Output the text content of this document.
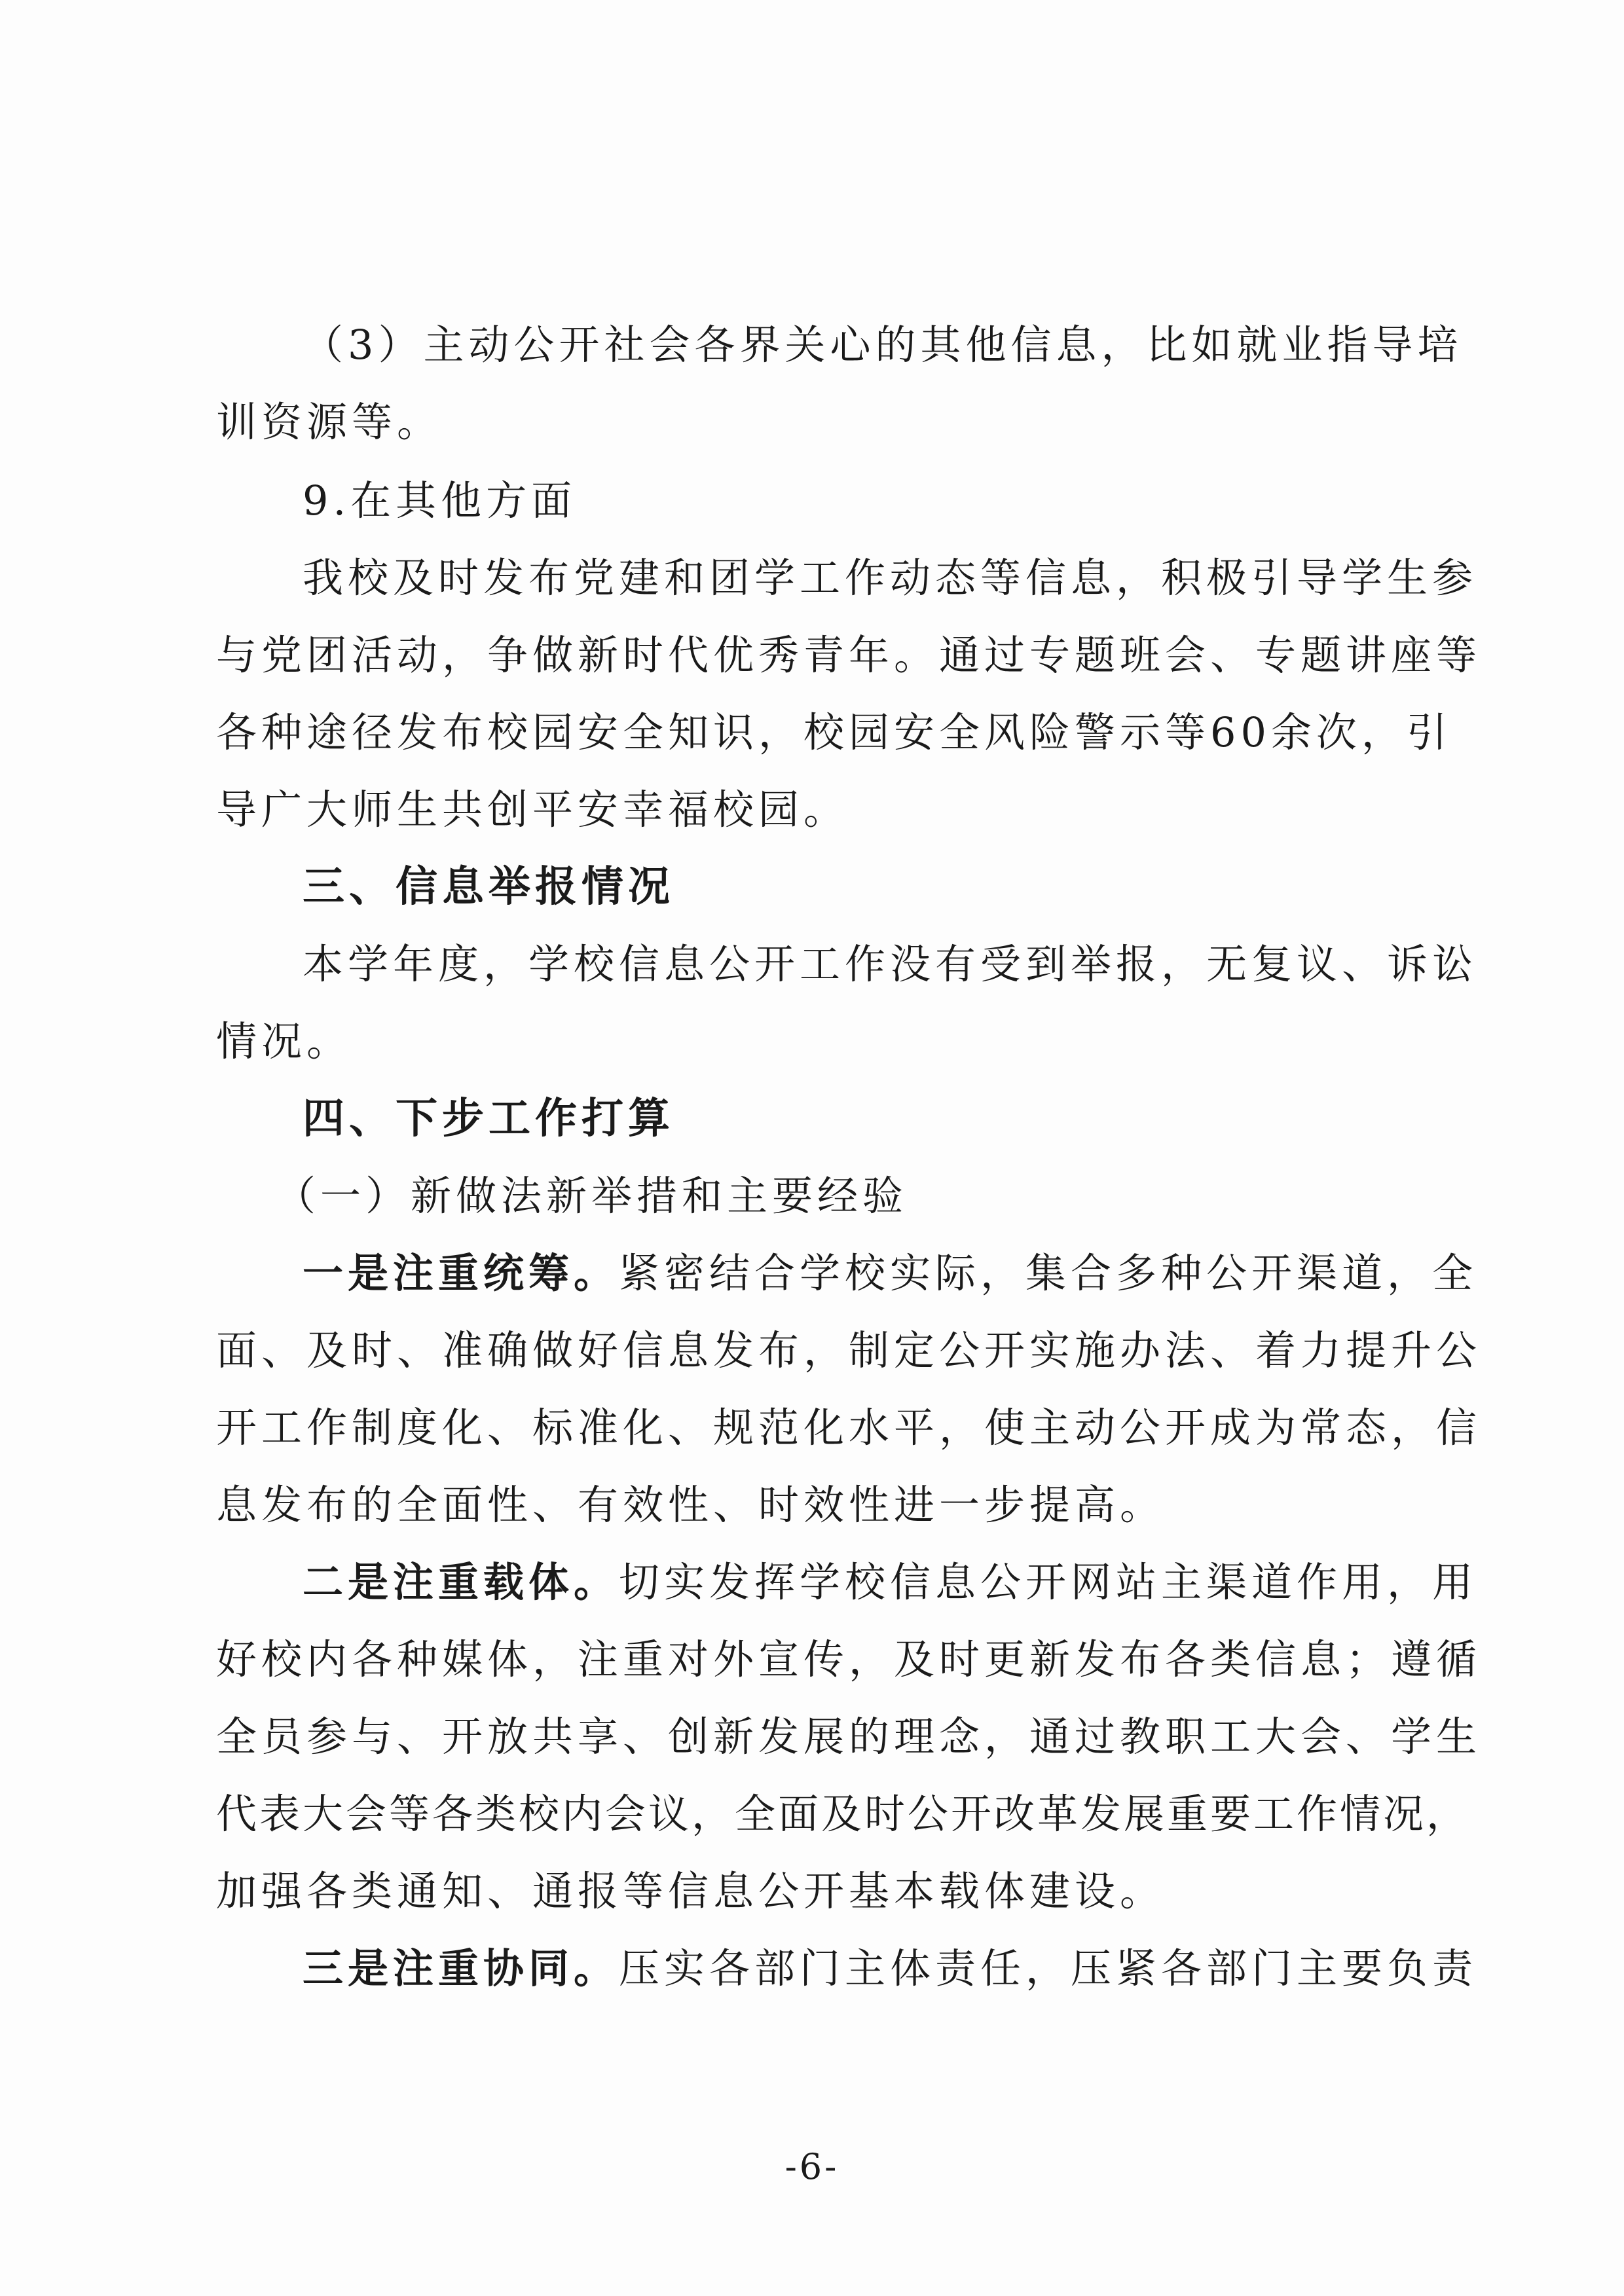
（3）主动公开社会各界关心的其他信息，比如就业指导培
训资源等。
9.在其他方面
我校及时发布党建和团学工作动态等信息，积极引导学生参
与党团活动，争做新时代优秀青年。通过专题班会、专题讲座等
各种途径发布校园安全知识，校园安全风险警示等60余次，引
导广大师生共创平安幸福校园。
三、信息举报情况
本学年度，学校信息公开工作没有受到举报，无复议、诉讼
情况。
四、下步工作打算
（一）新做法新举措和主要经验
一是注重统筹。紧密结合学校实际，集合多种公开渠道，全
面、及时、准确做好信息发布，制定公开实施办法、着力提升公
开工作制度化、标准化、规范化水平，使主动公开成为常态，信
息发布的全面性、有效性、时效性进一步提高。
二是注重载体。切实发挥学校信息公开网站主渠道作用，用
好校内各种媒体，注重对外宣传，及时更新发布各类信息；遵循
全员参与、开放共享、创新发展的理念，通过教职工大会、学生
代表大会等各类校内会议，全面及时公开改革发展重要工作情况，
加强各类通知、通报等信息公开基本载体建设。
三是注重协同。压实各部门主体责任，压紧各部门主要负责
-6-
